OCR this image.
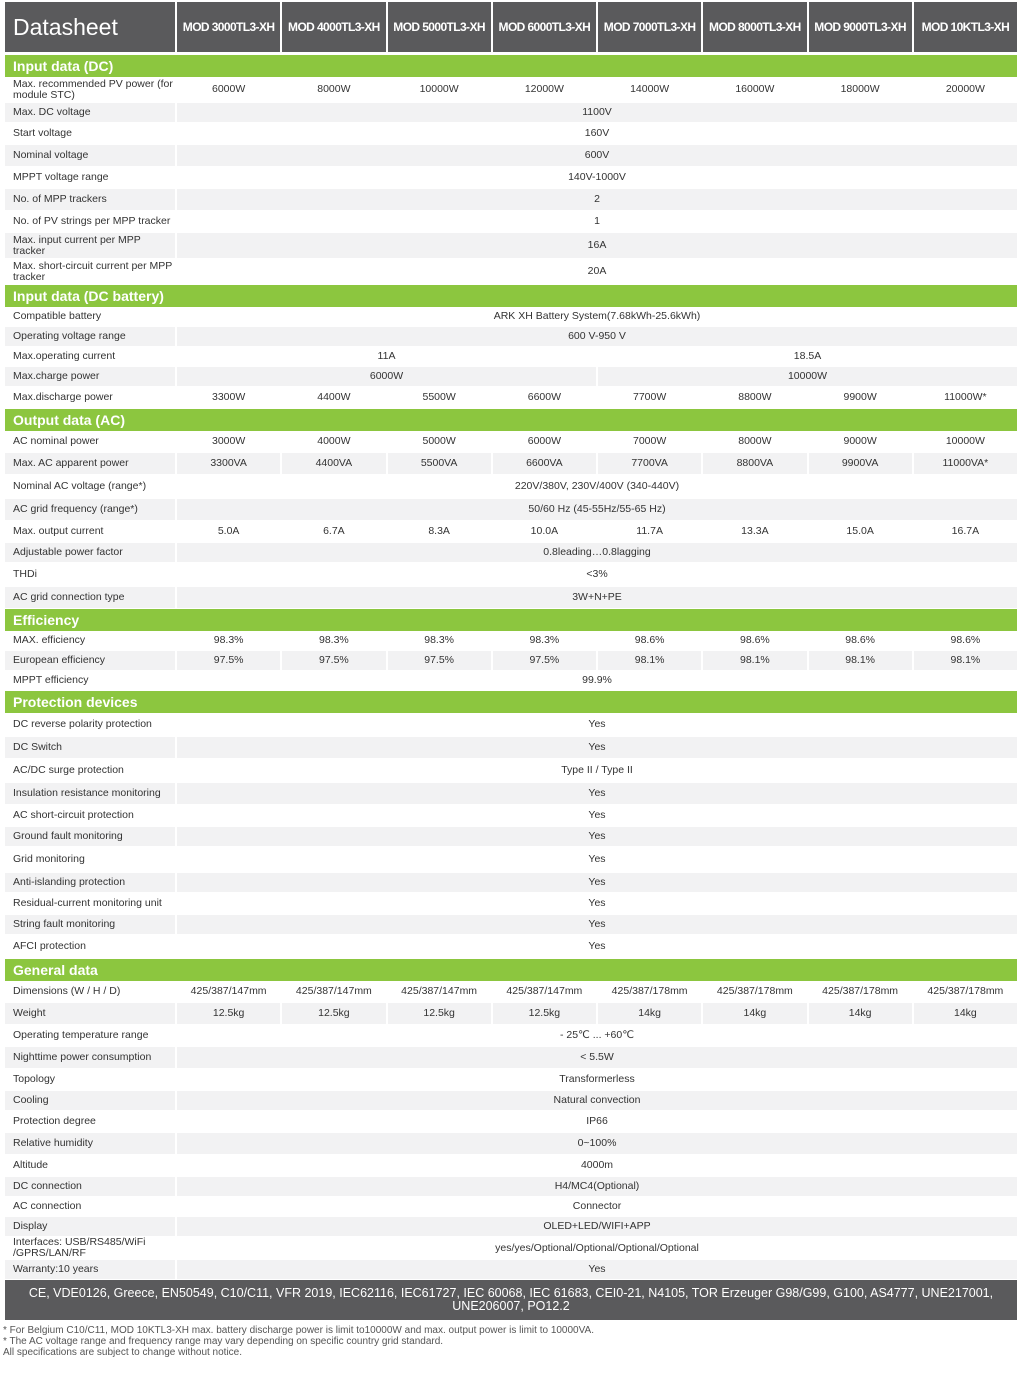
Datasheet	MOD 3000TL3-XH	MOD 4000TL3-XH	MOD 5000TL3-XH	MOD 6000TL3-XH	MOD 7000TL3-XH	MOD 8000TL3-XH	MOD 9000TL3-XH	MOD 10KTL3-XH
Input data (DC)								
Max. recommended PV power (for module STC)	6000W	8000W	10000W	12000W	14000W	16000W	18000W	20000W
Max. DC voltage	1100V							
Start voltage	160V							
Nominal voltage	600V							
MPPT voltage range	140V-1000V							
No. of MPP trackers	2							
No. of PV strings per MPP tracker	1							
Max. input current per MPP tracker	16A							
Max. short-circuit current per MPP tracker	20A							
Input data (DC battery)								
Compatible battery	ARK XH Battery System(7.68kWh-25.6kWh)							
Operating voltage range	600 V-950 V							
Max.operating current	11A				18.5A			
Max.charge power	6000W				10000W			
Max.discharge power	3300W	4400W	5500W	6600W	7700W	8800W	9900W	11000W*
Output data (AC)								
AC nominal power	3000W	4000W	5000W	6000W	7000W	8000W	9000W	10000W
Max. AC apparent power	3300VA	4400VA	5500VA	6600VA	7700VA	8800VA	9900VA	11000VA*
Nominal AC voltage (range*)	220V/380V, 230V/400V (340-440V)							
AC grid frequency (range*)	50/60 Hz (45-55Hz/55-65 Hz)							
Max. output current	5.0A	6.7A	8.3A	10.0A	11.7A	13.3A	15.0A	16.7A
Adjustable power factor	0.8leading…0.8lagging							
THDi	<3%							
AC grid connection type	3W+N+PE							
Efficiency								
MAX. efficiency	98.3%	98.3%	98.3%	98.3%	98.6%	98.6%	98.6%	98.6%
European efficiency	97.5%	97.5%	97.5%	97.5%	98.1%	98.1%	98.1%	98.1%
MPPT efficiency	99.9%							
Protection devices								
DC reverse polarity protection	Yes							
DC Switch	Yes							
AC/DC surge protection	Type II / Type II							
Insulation resistance monitoring	Yes							
AC short-circuit protection	Yes							
Ground fault monitoring	Yes							
Grid monitoring	Yes							
Anti-islanding protection	Yes							
Residual-current monitoring unit	Yes							
String fault monitoring	Yes							
AFCI protection	Yes							
General data								
Dimensions (W / H / D)	425/387/147mm	425/387/147mm	425/387/147mm	425/387/147mm	425/387/178mm	425/387/178mm	425/387/178mm	425/387/178mm
Weight	12.5kg	12.5kg	12.5kg	12.5kg	14kg	14kg	14kg	14kg
Operating temperature range	- 25℃ ... +60℃							
Nighttime power consumption	< 5.5W							
Topology	Transformerless							
Cooling	Natural convection							
Protection degree	IP66							
Relative humidity	0~100%							
Altitude	4000m							
DC connection	H4/MC4(Optional)							
AC connection	Connector							
Display	OLED+LED/WIFI+APP							
Interfaces: USB/RS485/WiFi /GPRS/LAN/RF	yes/yes/Optional/Optional/Optional/Optional							
Warranty:10 years	Yes							
CE, VDE0126, Greece, EN50549, C10/C11, VFR 2019, IEC62116, IEC61727, IEC 60068, IEC 61683, CEI0-21, N4105, TOR Erzeuger G98/G99, G100, AS4777, UNE217001, UNE206007, PO12.2								
* For Belgium C10/C11, MOD 10KTL3-XH max. battery discharge power is limit to10000W and max. output power is limit to 10000VA.
* The AC voltage range and frequency range may vary depending on specific country grid standard.
All specifications are subject to change without notice.
